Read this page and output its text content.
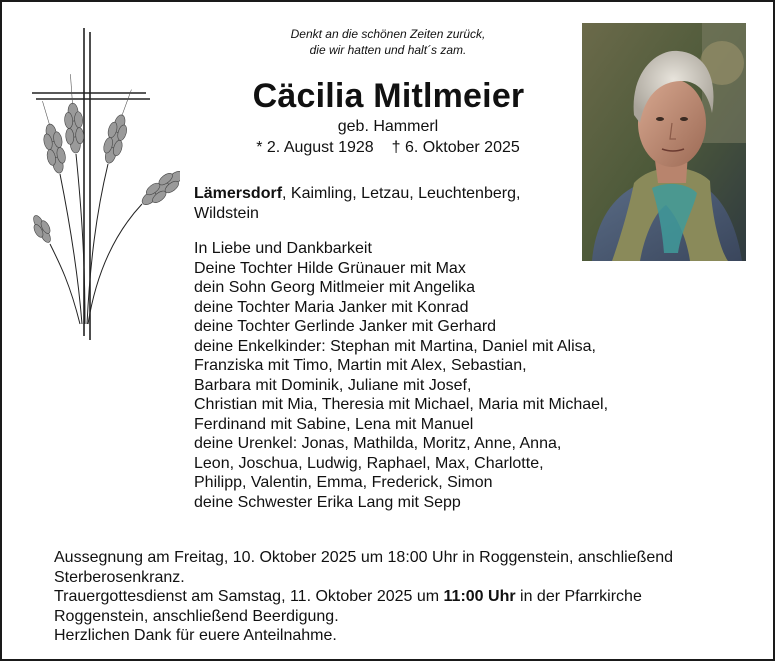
Denkt an die schönen Zeiten zurück,
die wir hatten und halt´s zam.
Cäcilia Mitlmeier
geb. Hammerl
* 2. August 1928 † 6. Oktober 2025
Lämersdorf, Kaimling, Letzau, Leuchtenberg,
Wildstein
In Liebe und Dankbarkeit
Deine Tochter Hilde Grünauer mit Max
dein Sohn Georg Mitlmeier mit Angelika
deine Tochter Maria Janker mit Konrad
deine Tochter Gerlinde Janker mit Gerhard
deine Enkelkinder: Stephan mit Martina, Daniel mit Alisa,
Franziska mit Timo, Martin mit Alex, Sebastian,
Barbara mit Dominik, Juliane mit Josef,
Christian mit Mia, Theresia mit Michael, Maria mit Michael,
Ferdinand mit Sabine, Lena mit Manuel
deine Urenkel: Jonas, Mathilda, Moritz, Anne, Anna,
Leon, Joschua, Ludwig, Raphael, Max, Charlotte,
Philipp, Valentin, Emma, Frederick, Simon
deine Schwester Erika Lang mit Sepp
Aussegnung am Freitag, 10. Oktober 2025 um 18:00 Uhr in Roggenstein, anschließend
Sterberosenkranz.
Trauergottesdienst am Samstag, 11. Oktober 2025 um 11:00 Uhr in der Pfarrkirche
Roggenstein, anschließend Beerdigung.
Herzlichen Dank für euere Anteilnahme.
